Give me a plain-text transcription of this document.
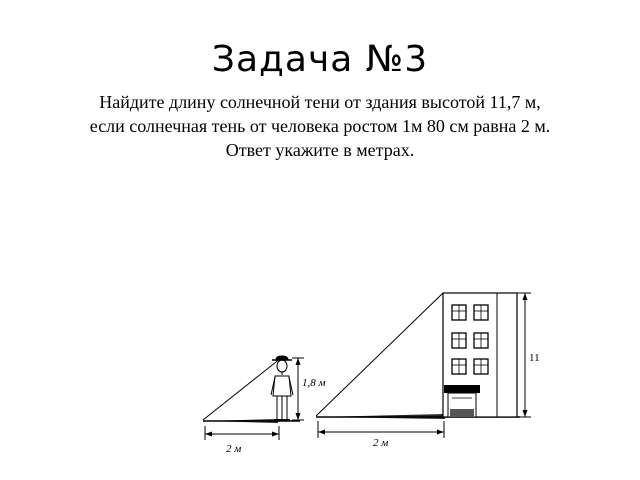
Задача №3
Найдите длину солнечной тени от здания высотой 11,7 м,
если солнечная тень от человека ростом 1м 80 см равна 2 м.
Ответ укажите в метрах.
1,8 м
2 м
11
2 м
